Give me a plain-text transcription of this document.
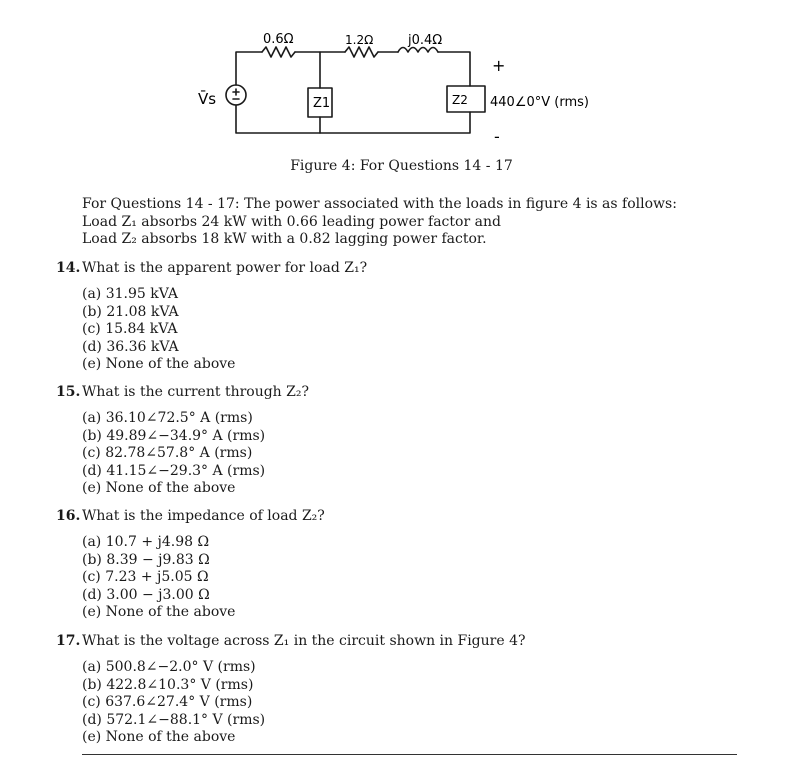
0.6Ω	1.2Ω	j0.4Ω
V̄s	Z1	Z2
+
-
440∠0°V (rms)
Figure 4: For Questions 14 - 17
For Questions 14 - 17: The power associated with the loads in figure 4 is as follows:
Load Z₁ absorbs 24 kW with 0.66 leading power factor and
Load Z₂ absorbs 18 kW with a 0.82 lagging power factor.
14. What is the apparent power for load Z₁?
(a) 31.95 kVA
(b) 21.08 kVA
(c) 15.84 kVA
(d) 36.36 kVA
(e) None of the above
15. What is the current through Z₂?
(a) 36.10∠72.5° A (rms)
(b) 49.89∠−34.9° A (rms)
(c) 82.78∠57.8° A (rms)
(d) 41.15∠−29.3° A (rms)
(e) None of the above
16. What is the impedance of load Z₂?
(a) 10.7 + j4.98 Ω
(b) 8.39 − j9.83 Ω
(c) 7.23 + j5.05 Ω
(d) 3.00 − j3.00 Ω
(e) None of the above
17. What is the voltage across Z₁ in the circuit shown in Figure 4?
(a) 500.8∠−2.0° V (rms)
(b) 422.8∠10.3° V (rms)
(c) 637.6∠27.4° V (rms)
(d) 572.1∠−88.1° V (rms)
(e) None of the above
